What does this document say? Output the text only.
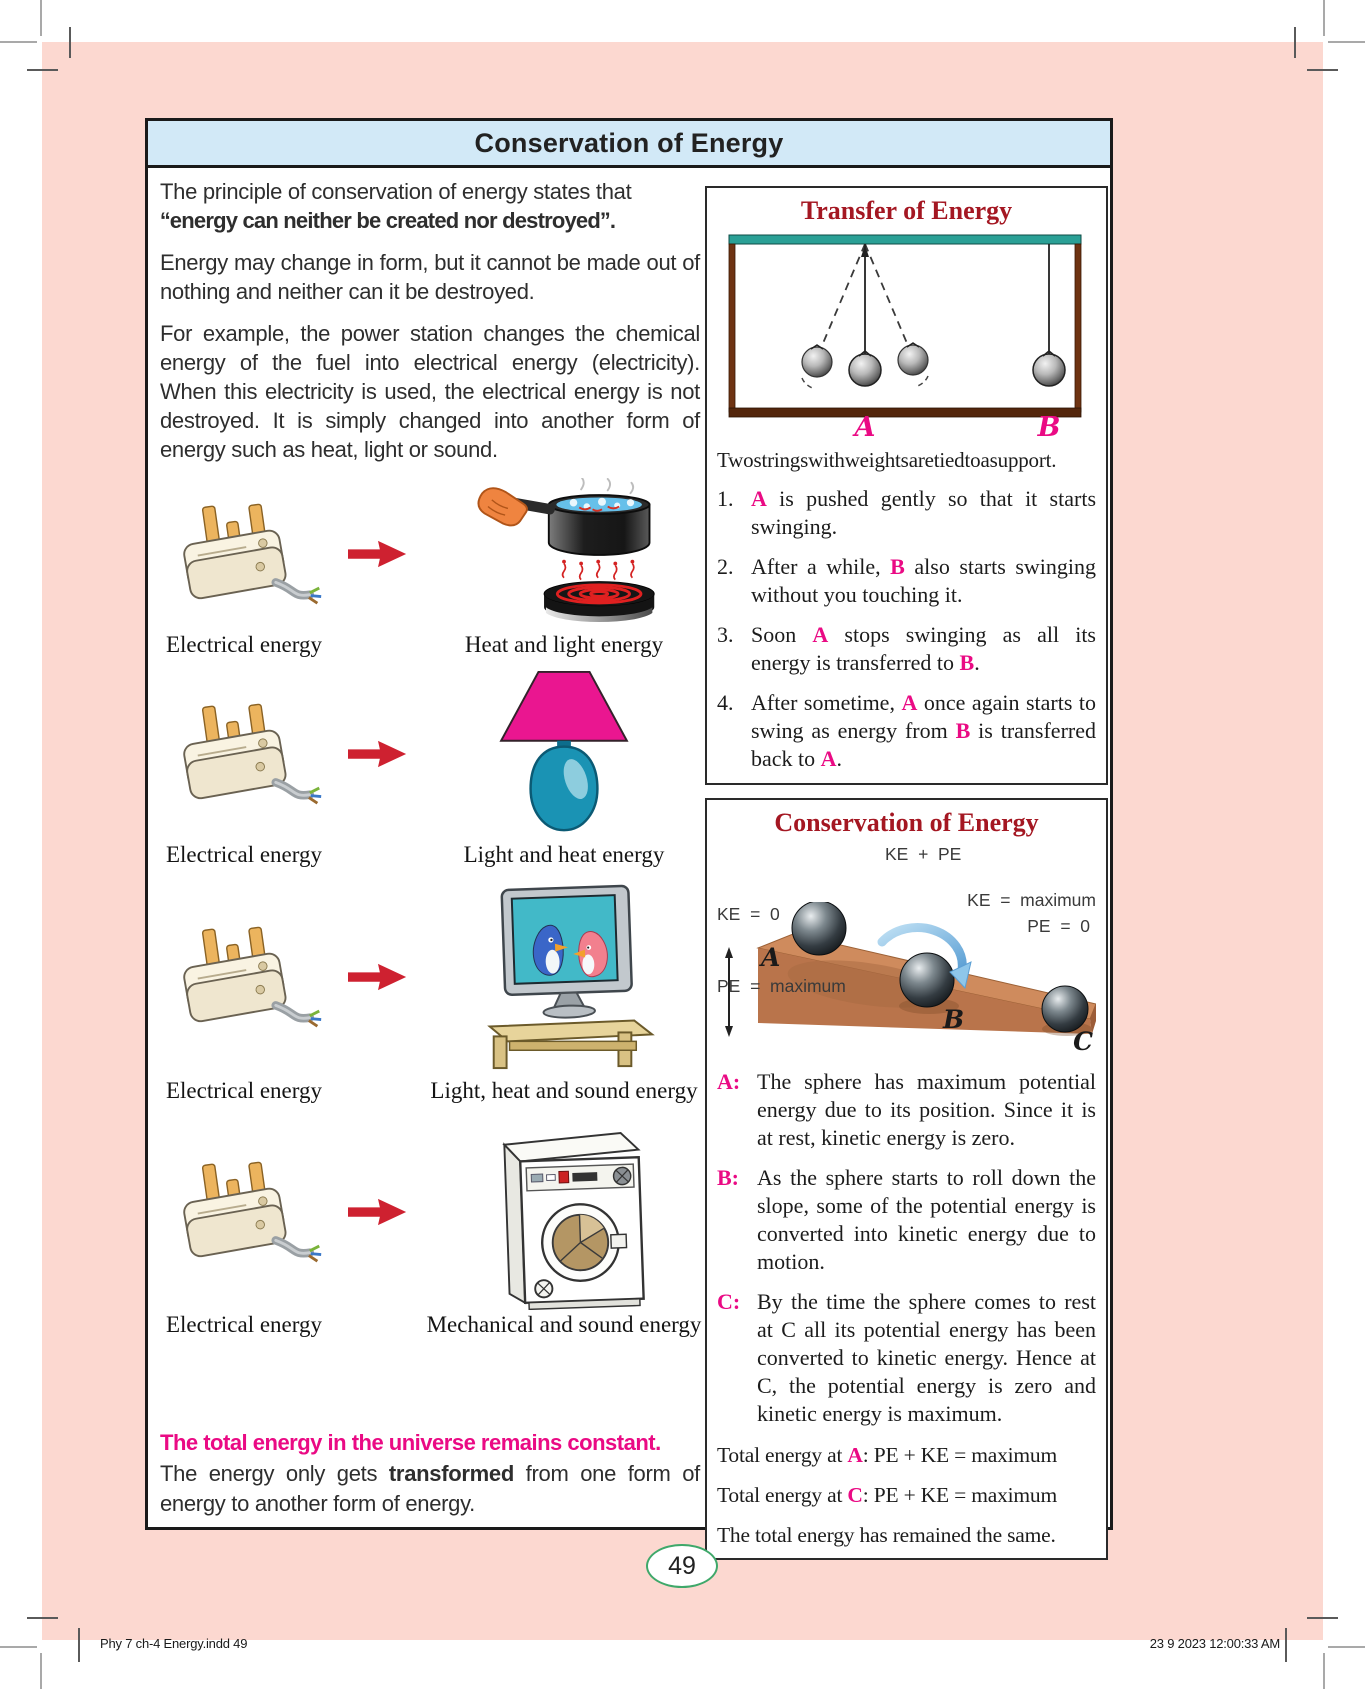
Conservation of Energy

The principle of conservation of energy states that
‘‘energy can neither be created nor destroyed’’.

Energy may change in form, but it cannot be made out of nothing and neither can it be destroyed.

For example, the power station changes the chemical energy of the fuel into electrical energy (electricity). When this electricity is used, the electrical energy is not destroyed. It is simply changed into another form of energy such as heat, light or sound.

Electrical energy	Heat and light energy
Electrical energy	Light and heat energy
Electrical energy	Light, heat and sound energy
Electrical energy	Mechanical and sound energy
The total energy in the universe remains constant.
The energy only gets transformed from one form of energy to another form of energy.
Transfer of Energy
A	B
Two strings with weights are tied to a support.
1. A is pushed gently so that it starts swinging.
2. After a while, B also starts swinging without you touching it.
3. Soon A stops swinging as all its energy is transferred to B.
4. After sometime, A once again starts to swing as energy from B is transferred back to A.
Conservation of Energy
A
B
C

KE  =  0

PE  =  maximum

KE  +  PE
KE  =  maximum
PE  =  0
A: The sphere has maximum potential energy due to its position. Since it is at rest, kinetic energy is zero.
B: As the sphere starts to roll down the slope, some of the potential energy is converted into kinetic energy due to motion.
C: By the time the sphere comes to rest at C all its potential energy has been converted to kinetic energy. Hence at C, the potential energy is zero and kinetic energy is maximum.
Total energy at A: PE + KE = maximum
Total energy at C: PE + KE = maximum
The total energy has remained the same.
49
Phy 7 ch-4 Energy.indd 49	23 9 2023 12:00:33 AM
